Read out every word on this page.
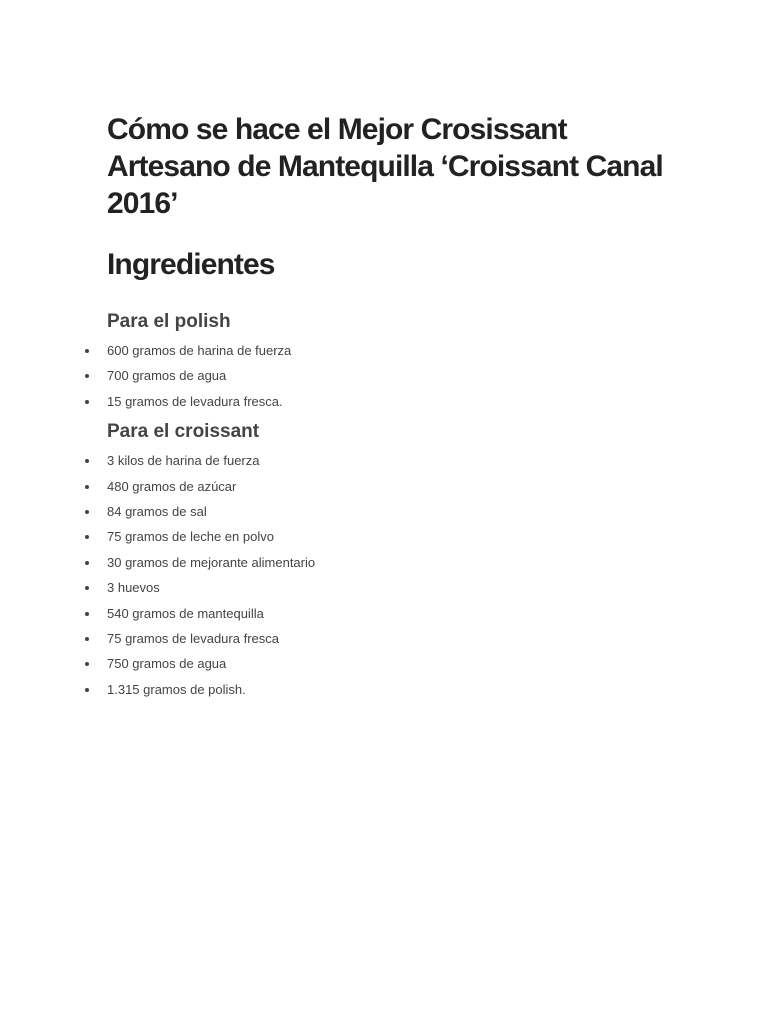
Cómo se hace el Mejor Crosissant Artesano de Mantequilla ‘Croissant Canal 2016’
Ingredientes
Para el polish
600 gramos de harina de fuerza
700 gramos de agua
15 gramos de levadura fresca.
Para el croissant
3 kilos de harina de fuerza
480 gramos de azúcar
84 gramos de sal
75 gramos de leche en polvo
30 gramos de mejorante alimentario
3 huevos
540 gramos de mantequilla
75 gramos de levadura fresca
750 gramos de agua
1.315 gramos de polish.
